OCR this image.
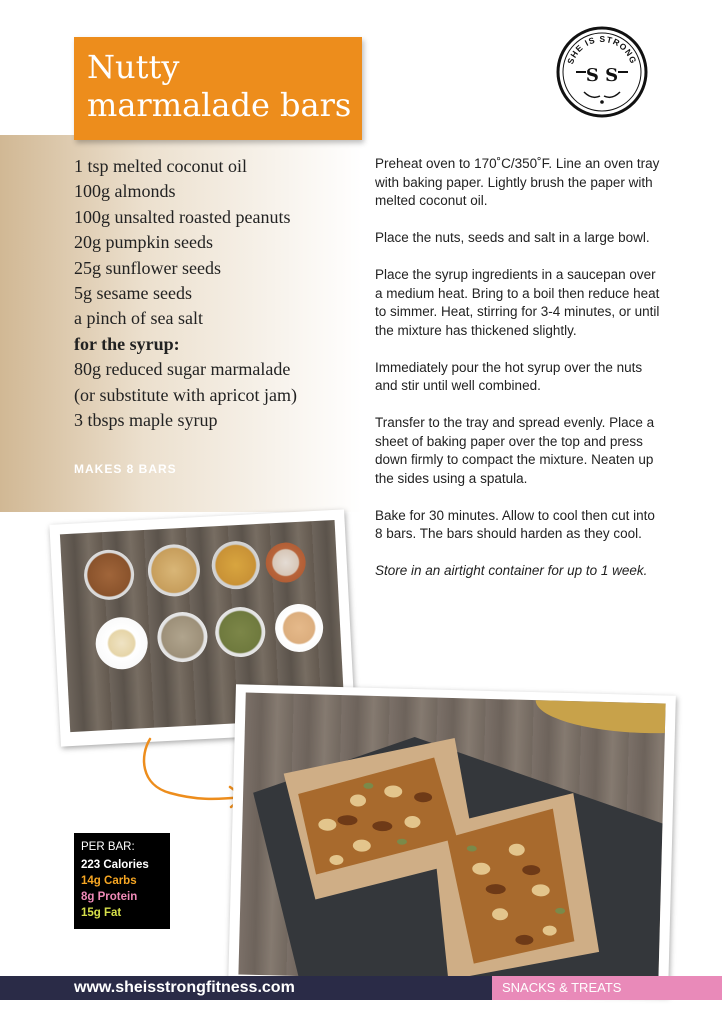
Nutty
marmalade bars
SHE IS STRONG
S S
1 tsp melted coconut oil
100g almonds
100g unsalted roasted peanuts
20g pumpkin seeds
25g sunflower seeds
5g sesame seeds
a pinch of sea salt
for the syrup:
80g reduced sugar marmalade
(or substitute with apricot jam)
3 tbsps maple syrup
MAKES 8 BARS

Preheat oven to 170˚C/350˚F. Line an oven tray with baking paper. Lightly brush the paper with melted coconut oil.

Place the nuts, seeds and salt in a large bowl.

Place the syrup ingredients in a saucepan over a medium heat. Bring to a boil then reduce heat to simmer. Heat, stirring for 3-4 minutes, or until the mixture has thickened slightly.

Immediately pour the hot syrup over the nuts and stir until well combined.

Transfer to the tray and spread evenly. Place a sheet of baking paper over the top and press down firmly to compact the mixture. Neaten up the sides using a spatula.

Bake for 30 minutes. Allow to cool then cut into 8 bars. The bars should harden as they cool.

Store in an airtight container for up to 1 week.

PER BAR:
223 Calories
14g Carbs
8g Protein
15g Fat
www.sheisstrongfitness.com	SNACKS & TREATS
